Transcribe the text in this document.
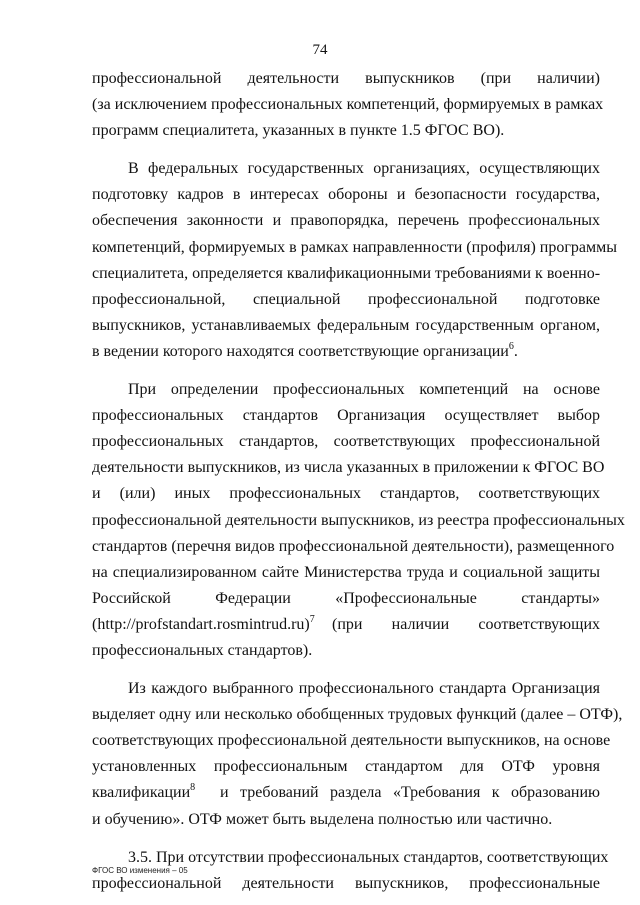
74
профессиональной деятельности выпускников (при наличии)
(за исключением профессиональных компетенций, формируемых в рамках
программ специалитета, указанных в пункте 1.5 ФГОС ВО).
В федеральных государственных организациях, осуществляющих
подготовку кадров в интересах обороны и безопасности государства,
обеспечения законности и правопорядка, перечень профессиональных
компетенций, формируемых в рамках направленности (профиля) программы
специалитета, определяется квалификационными требованиями к военно-
профессиональной, специальной профессиональной подготовке
выпускников, устанавливаемых федеральным государственным органом,
в ведении которого находятся соответствующие организации$^6$.
При определении профессиональных компетенций на основе
профессиональных стандартов Организация осуществляет выбор
профессиональных стандартов, соответствующих профессиональной
деятельности выпускников, из числа указанных в приложении к ФГОС ВО
и (или) иных профессиональных стандартов, соответствующих
профессиональной деятельности выпускников, из реестра профессиональных
стандартов (перечня видов профессиональной деятельности), размещенного
на специализированном сайте Министерства труда и социальной защиты
Российской Федерации «Профессиональные стандарты»
(http://profstandart.rosmintrud.ru)$^7$ (при наличии соответствующих
профессиональных стандартов).
Из каждого выбранного профессионального стандарта Организация
выделяет одну или несколько обобщенных трудовых функций (далее – ОТФ),
соответствующих профессиональной деятельности выпускников, на основе
установленных профессиональным стандартом для ОТФ уровня
квалификации$^8$ и требований раздела «Требования к образованию
и обучению». ОТФ может быть выделена полностью или частично.
3.5. При отсутствии профессиональных стандартов, соответствующих
профессиональной деятельности выпускников, профессиональные
ФГОС ВО изменения – 05
